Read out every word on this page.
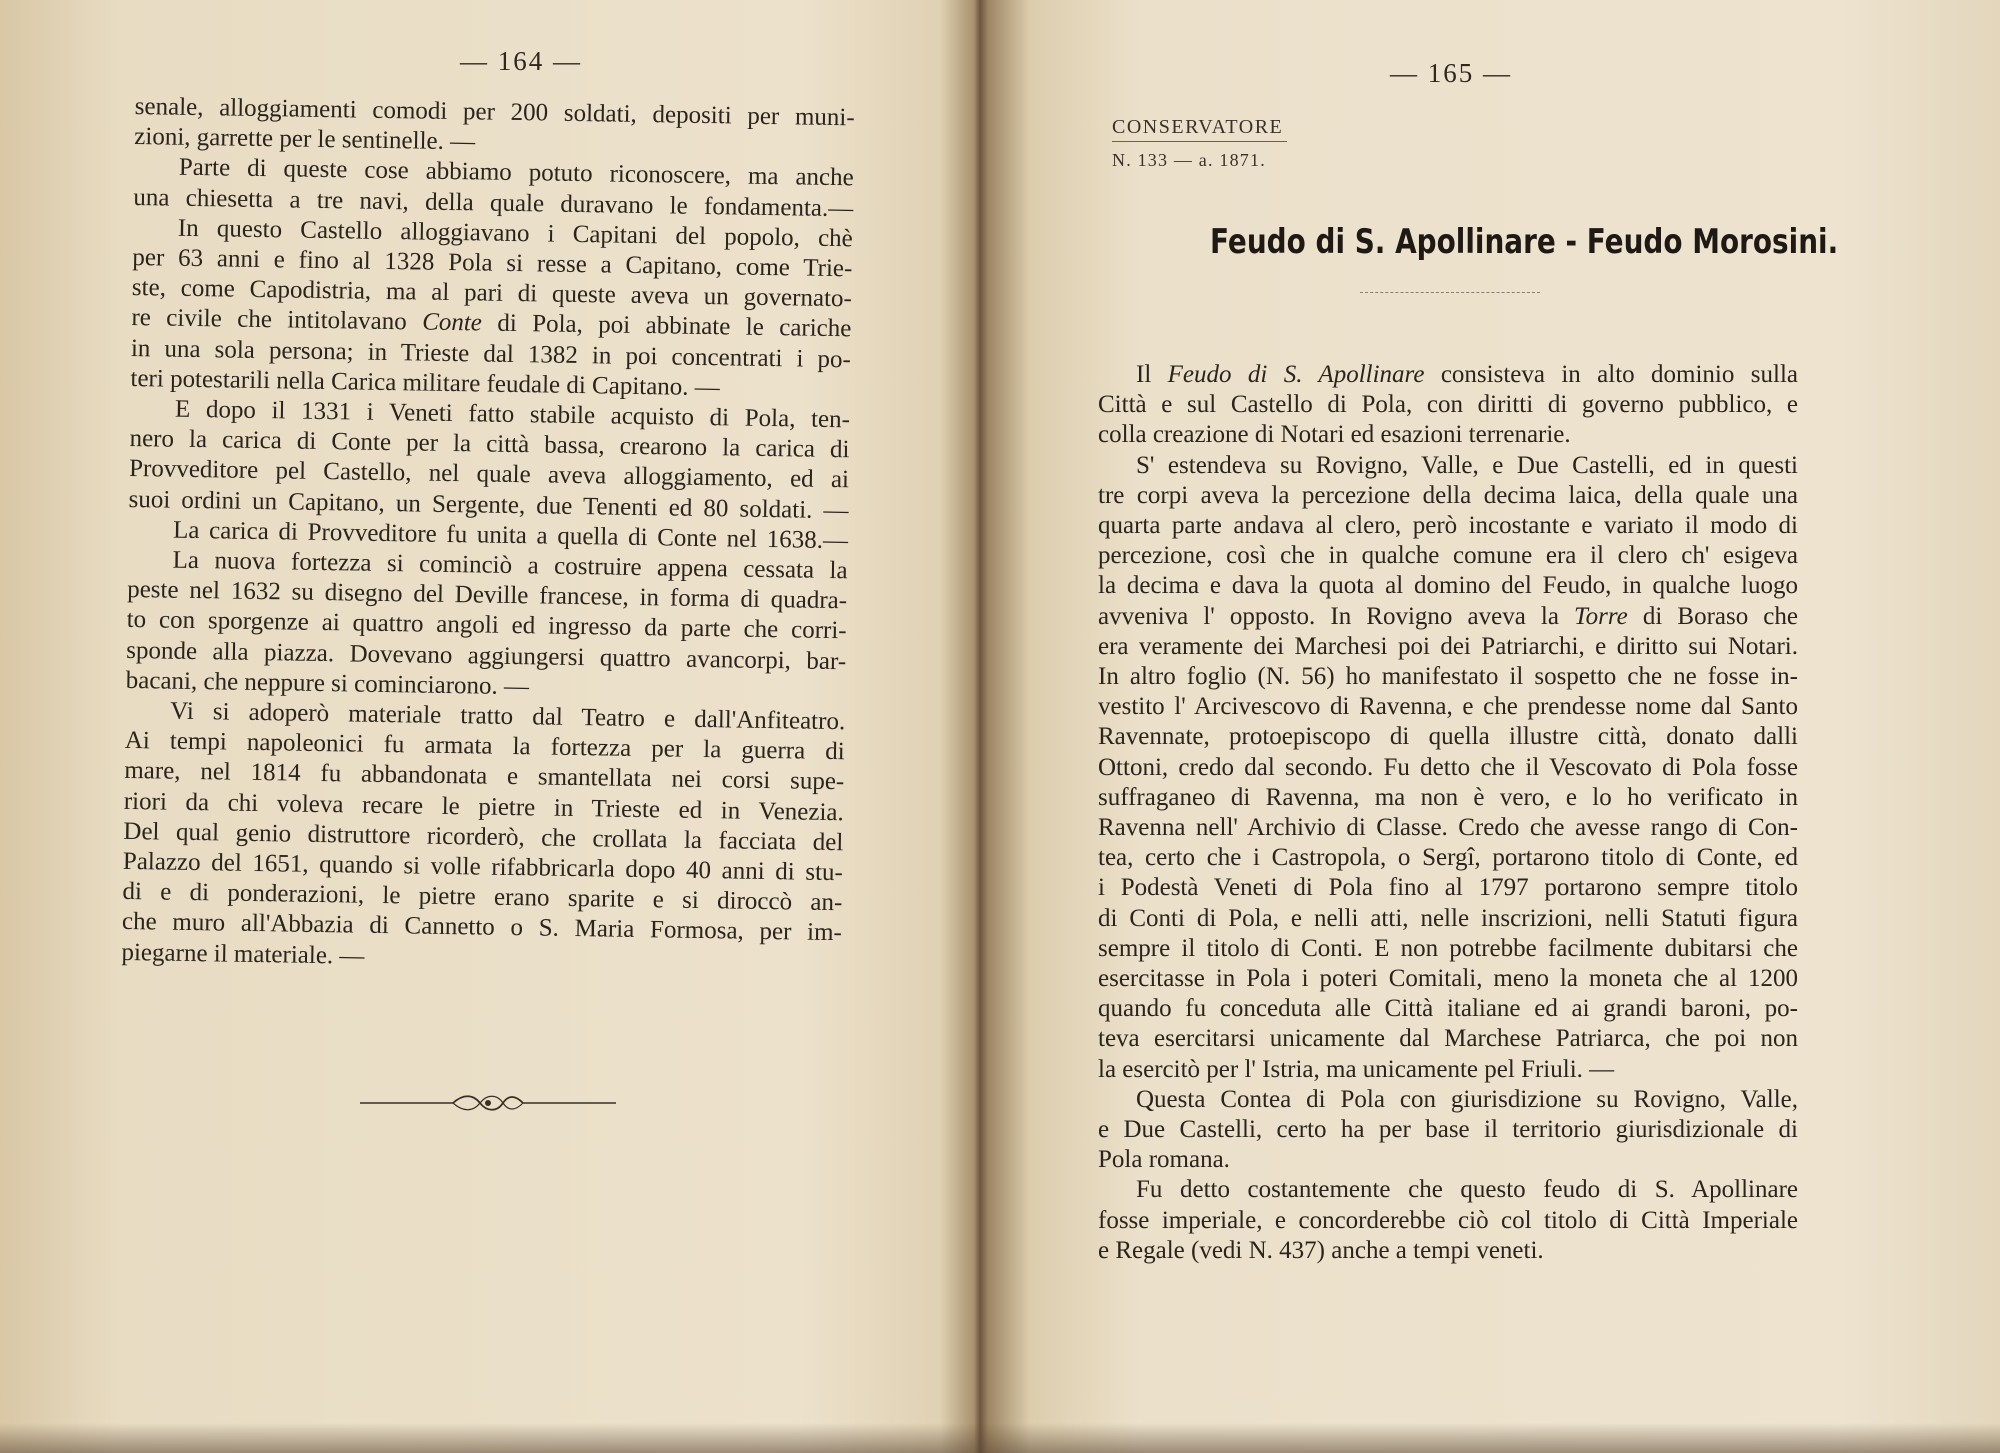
— 164 —
senale, alloggiamenti comodi per 200 soldati, depositi per muni-
zioni, garrette per le sentinelle. —
Parte di queste cose abbiamo potuto riconoscere, ma anche
una chiesetta a tre navi, della quale duravano le fondamenta.—
In questo Castello alloggiavano i Capitani del popolo, chè
per 63 anni e fino al 1328 Pola si resse a Capitano, come Trie-
ste, come Capodistria, ma al pari di queste aveva un governato-
re civile che intitolavano Conte di Pola, poi abbinate le cariche
in una sola persona; in Trieste dal 1382 in poi concentrati i po-
teri potestarili nella Carica militare feudale di Capitano. —
E dopo il 1331 i Veneti fatto stabile acquisto di Pola, ten-
nero la carica di Conte per la città bassa, crearono la carica di
Provveditore pel Castello, nel quale aveva alloggiamento, ed ai
suoi ordini un Capitano, un Sergente, due Tenenti ed 80 soldati. —
La carica di Provveditore fu unita a quella di Conte nel 1638.—
La nuova fortezza si cominciò a costruire appena cessata la
peste nel 1632 su disegno del Deville francese, in forma di quadra-
to con sporgenze ai quattro angoli ed ingresso da parte che corri-
sponde alla piazza. Dovevano aggiungersi quattro avancorpi, bar-
bacani, che neppure si cominciarono. —
Vi si adoperò materiale tratto dal Teatro e dall'Anfiteatro.
Ai tempi napoleonici fu armata la fortezza per la guerra di
mare, nel 1814 fu abbandonata e smantellata nei corsi supe-
riori da chi voleva recare le pietre in Trieste ed in Venezia.
Del qual genio distruttore ricorderò, che crollata la facciata del
Palazzo del 1651, quando si volle rifabbricarla dopo 40 anni di stu-
di e di ponderazioni, le pietre erano sparite e si diroccò an-
che muro all'Abbazia di Cannetto o S. Maria Formosa, per im-
piegarne il materiale. —
— 165 —
CONSERVATORE
N. 133 — a. 1871.
Feudo di S. Apollinare - Feudo Morosini.
Il Feudo di S. Apollinare consisteva in alto dominio sulla
Città e sul Castello di Pola, con diritti di governo pubblico, e
colla creazione di Notari ed esazioni terrenarie.
S' estendeva su Rovigno, Valle, e Due Castelli, ed in questi
tre corpi aveva la percezione della decima laica, della quale una
quarta parte andava al clero, però incostante e variato il modo di
percezione, così che in qualche comune era il clero ch' esigeva
la decima e dava la quota al domino del Feudo, in qualche luogo
avveniva l' opposto. In Rovigno aveva la Torre di Boraso che
era veramente dei Marchesi poi dei Patriarchi, e diritto sui Notari.
In altro foglio (N. 56) ho manifestato il sospetto che ne fosse in-
vestito l' Arcivescovo di Ravenna, e che prendesse nome dal Santo
Ravennate, protoepiscopo di quella illustre città, donato dalli
Ottoni, credo dal secondo. Fu detto che il Vescovato di Pola fosse
suffraganeo di Ravenna, ma non è vero, e lo ho verificato in
Ravenna nell' Archivio di Classe. Credo che avesse rango di Con-
tea, certo che i Castropola, o Sergî, portarono titolo di Conte, ed
i Podestà Veneti di Pola fino al 1797 portarono sempre titolo
di Conti di Pola, e nelli atti, nelle inscrizioni, nelli Statuti figura
sempre il titolo di Conti. E non potrebbe facilmente dubitarsi che
esercitasse in Pola i poteri Comitali, meno la moneta che al 1200
quando fu conceduta alle Città italiane ed ai grandi baroni, po-
teva esercitarsi unicamente dal Marchese Patriarca, che poi non
la esercitò per l' Istria, ma unicamente pel Friuli. —
Questa Contea di Pola con giurisdizione su Rovigno, Valle,
e Due Castelli, certo ha per base il territorio giurisdizionale di
Pola romana.
Fu detto costantemente che questo feudo di S. Apollinare
fosse imperiale, e concorderebbe ciò col titolo di Città Imperiale
e Regale (vedi N. 437) anche a tempi veneti.
